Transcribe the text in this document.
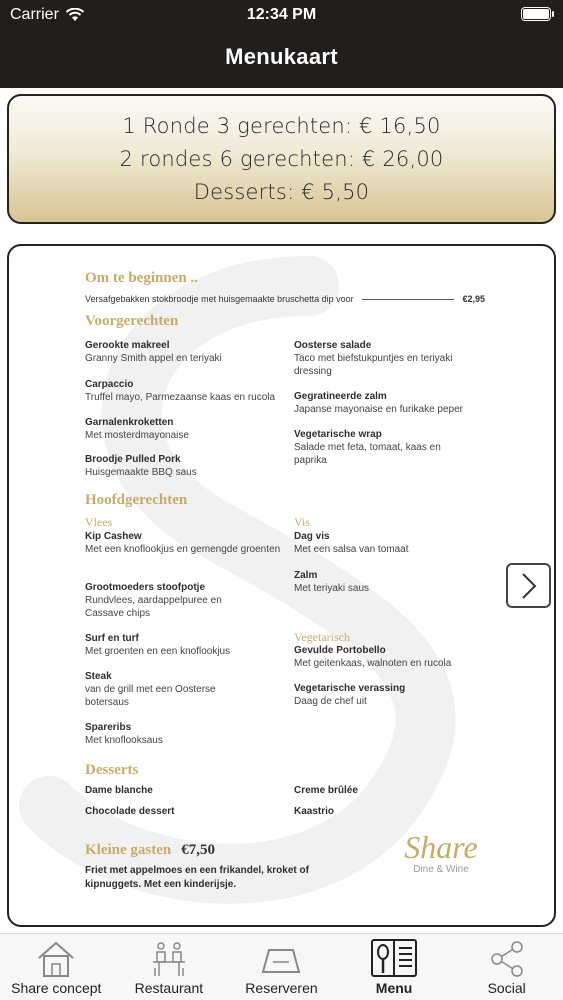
Carrier	12:34 PM
Menukaart
1 Ronde 3 gerechten: € 16,50
2 rondes 6 gerechten: € 26,00
Desserts: € 5,50
Om te beginnen ..
Versafgebakken stokbroodje met huisgemaakte bruschetta dip voor	€2,95
Voorgerechten
Gerookte makreel
Granny Smith appel en teriyaki
Carpaccio
Truffel mayo, Parmezaanse kaas en rucola
Garnalenkroketten
Met mosterdmayonaise
Broodje Pulled Pork
Huisgemaakte BBQ saus
Oosterse salade
Taco met biefstukpuntjes en teriyaki dressing
Gegratineerde zalm
Japanse mayonaise en furikake peper
Vegetarische wrap
Salade met feta, tomaat, kaas en paprika
Hoofdgerechten
Vlees	Vis
Kip Cashew
Met een knoflookjus en gemengde groenten
Grootmoeders stoofpotje
Rundvlees, aardappelpuree en Cassave chips
Surf en turf
Met groenten en een knoflookjus
Steak
van de grill met een Oosterse botersaus
Spareribs
Met knoflooksaus
Dag vis
Met een salsa van tomaat
Zalm
Met teriyaki saus
Vegetarisch
Gevulde Portobello
Met geitenkaas, walnoten en rucola
Vegetarische verassing
Daag de chef uit
Desserts
Dame blanche	Creme brûlée
Chocolade dessert	Kaastrio
Kleine gasten €7,50
Friet met appelmoes en een frikandel, kroket of kipnuggets. Met een kinderijsje.
Share
Dine & Wine
Share concept Restaurant	Reserveren	Menu	Social
